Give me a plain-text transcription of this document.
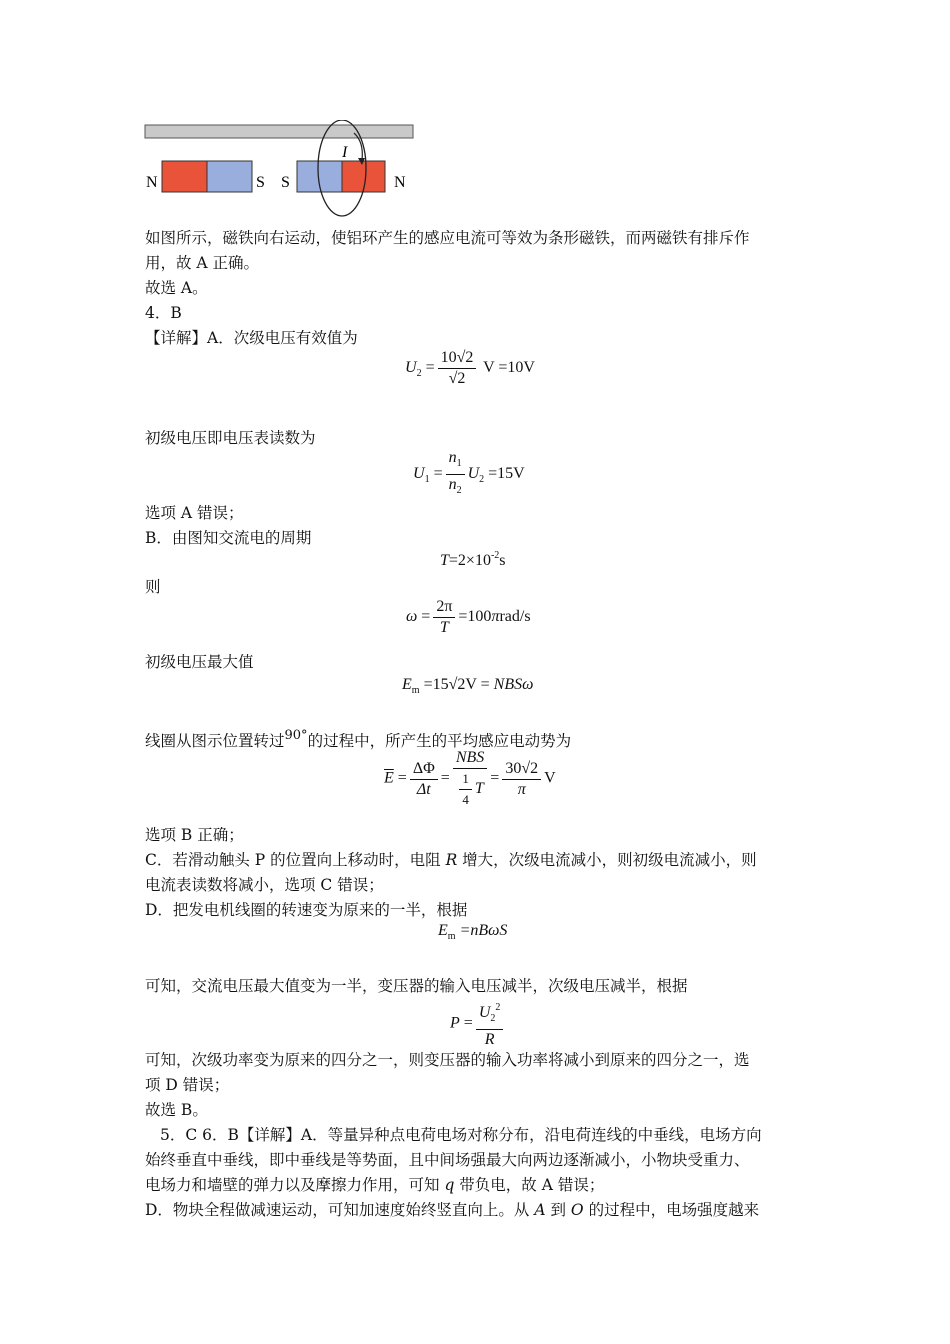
N	S S	N
I
如图所示，磁铁向右运动，使铝环产生的感应电流可等效为条形磁铁，而两磁铁有排斥作
用，故 A 正确。
故选 A。
4．B
【详解】A．次级电压有效值为
$U_2 = \frac{10√2}{√2}$ V =10V
初级电压即电压表读数为
$U_1 = \frac{n_1}{n_2} U_2 =15V$
选项 A 错误；
B．由图知交流电的周期
$T=2\times 10^{-2}s$
则
$\omega = \frac{2\pi}{T} =100\pi rad/s$
初级电压最大值
$E_m =15√2V = NBS\omega$
线圈从图示位置转过$^{90^\circ}$的过程中，所产生的平均感应电动势为
$\overline{E} = \frac{\Delta\Phi}{\Delta t} = \frac{\text{NBS}}{\frac{1}{4} T} = \frac{30√2}{\pi}$ V
选项 B 正确；
C．若滑动触头 P 的位置向上移动时，电阻 R 增大，次级电流减小，则初级电流减小，则
电流表读数将减小，选项 C 错误；
D．把发电机线圈的转速变为原来的一半，根据
$E_m =nB\omega S$
可知，交流电压最大值变为一半，变压器的输入电压减半，次级电压减半，根据
$P = \frac{U_2^2}{R}$
可知，次级功率变为原来的四分之一，则变压器的输入功率将减小到原来的四分之一，选
项 D 错误；
故选 B。
5．C 6．B【详解】A．等量异种点电荷电场对称分布，沿电荷连线的中垂线，电场方向
始终垂直中垂线，即中垂线是等势面，且中间场强最大向两边逐渐减小，小物块受重力、
电场力和墙壁的弹力以及摩擦力作用，可知 q 带负电，故 A 错误；
D．物块全程做减速运动，可知加速度始终竖直向上。从 A 到 O 的过程中，电场强度越来
